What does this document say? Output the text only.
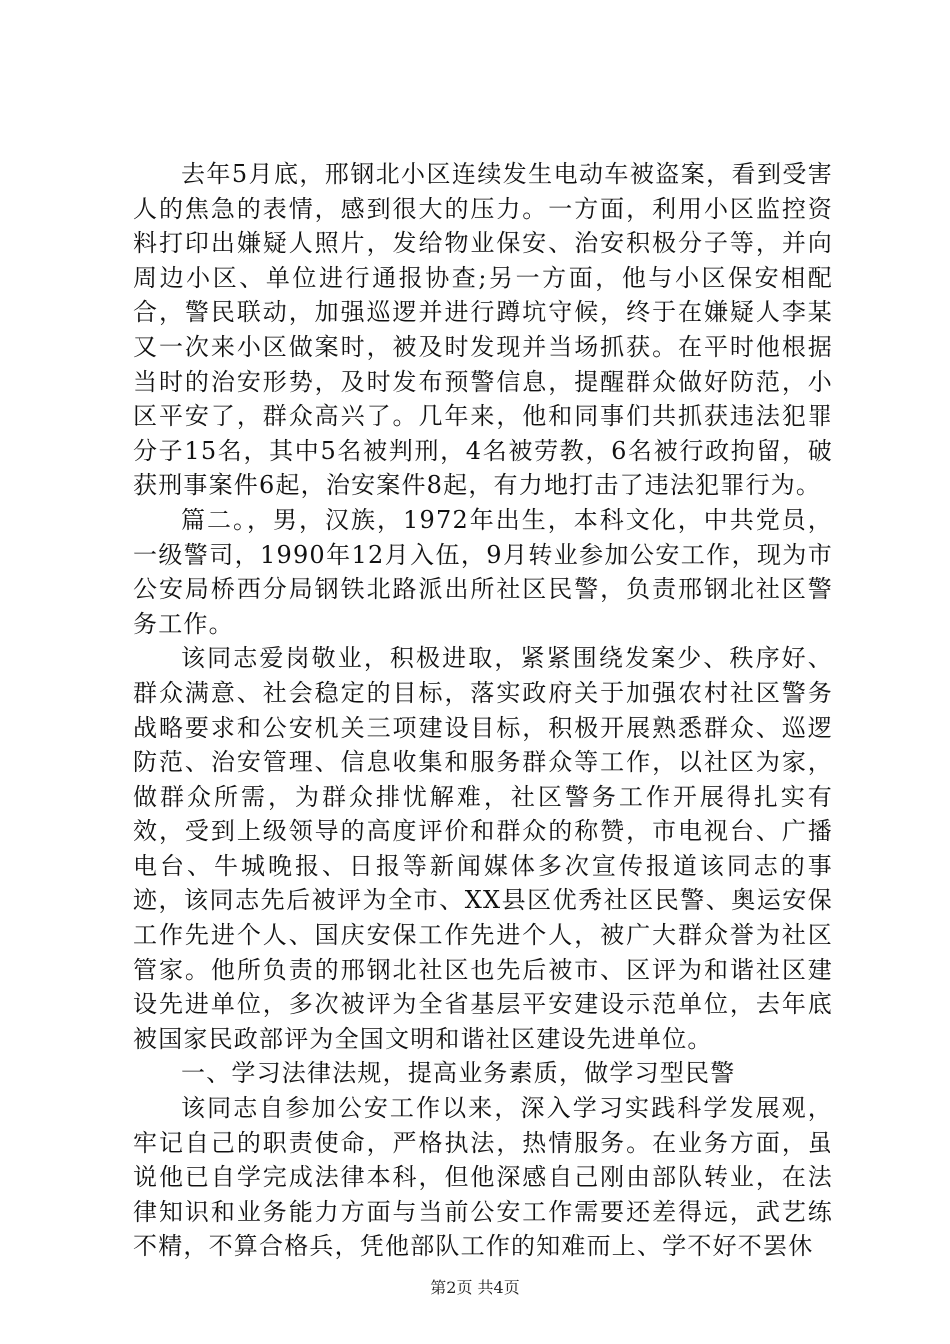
去年5月底，邢钢北小区连续发生电动车被盗案，看到受害人的焦急的表情，感到很大的压力。一方面，利用小区监控资料打印出嫌疑人照片，发给物业保安、治安积极分子等，并向周边小区、单位进行通报协查;另一方面，他与小区保安相配合，警民联动，加强巡逻并进行蹲坑守候，终于在嫌疑人李某又一次来小区做案时，被及时发现并当场抓获。在平时他根据当时的治安形势，及时发布预警信息，提醒群众做好防范，小区平安了，群众高兴了。几年来，他和同事们共抓获违法犯罪分子15名，其中5名被判刑，4名被劳教，6名被行政拘留，破获刑事案件6起，治安案件8起，有力地打击了违法犯罪行为。

篇二。，男，汉族，1972年出生，本科文化，中共党员，一级警司，1990年12月入伍，9月转业参加公安工作，现为市公安局桥西分局钢铁北路派出所社区民警，负责邢钢北社区警务工作。

该同志爱岗敬业，积极进取，紧紧围绕发案少、秩序好、群众满意、社会稳定的目标，落实政府关于加强农村社区警务战略要求和公安机关三项建设目标，积极开展熟悉群众、巡逻防范、治安管理、信息收集和服务群众等工作，以社区为家，做群众所需，为群众排忧解难，社区警务工作开展得扎实有效，受到上级领导的高度评价和群众的称赞，市电视台、广播电台、牛城晚报、日报等新闻媒体多次宣传报道该同志的事迹，该同志先后被评为全市、XX县区优秀社区民警、奥运安保工作先进个人、国庆安保工作先进个人，被广大群众誉为社区管家。他所负责的邢钢北社区也先后被市、区评为和谐社区建设先进单位，多次被评为全省基层平安建设示范单位，去年底被国家民政部评为全国文明和谐社区建设先进单位。

一、学习法律法规，提高业务素质，做学习型民警

该同志自参加公安工作以来，深入学习实践科学发展观，牢记自己的职责使命，严格执法，热情服务。在业务方面，虽说他已自学完成法律本科，但他深感自己刚由部队转业，在法律知识和业务能力方面与当前公安工作需要还差得远，武艺练不精，不算合格兵，凭他部队工作的知难而上、学不好不罢休

第2页 共4页
